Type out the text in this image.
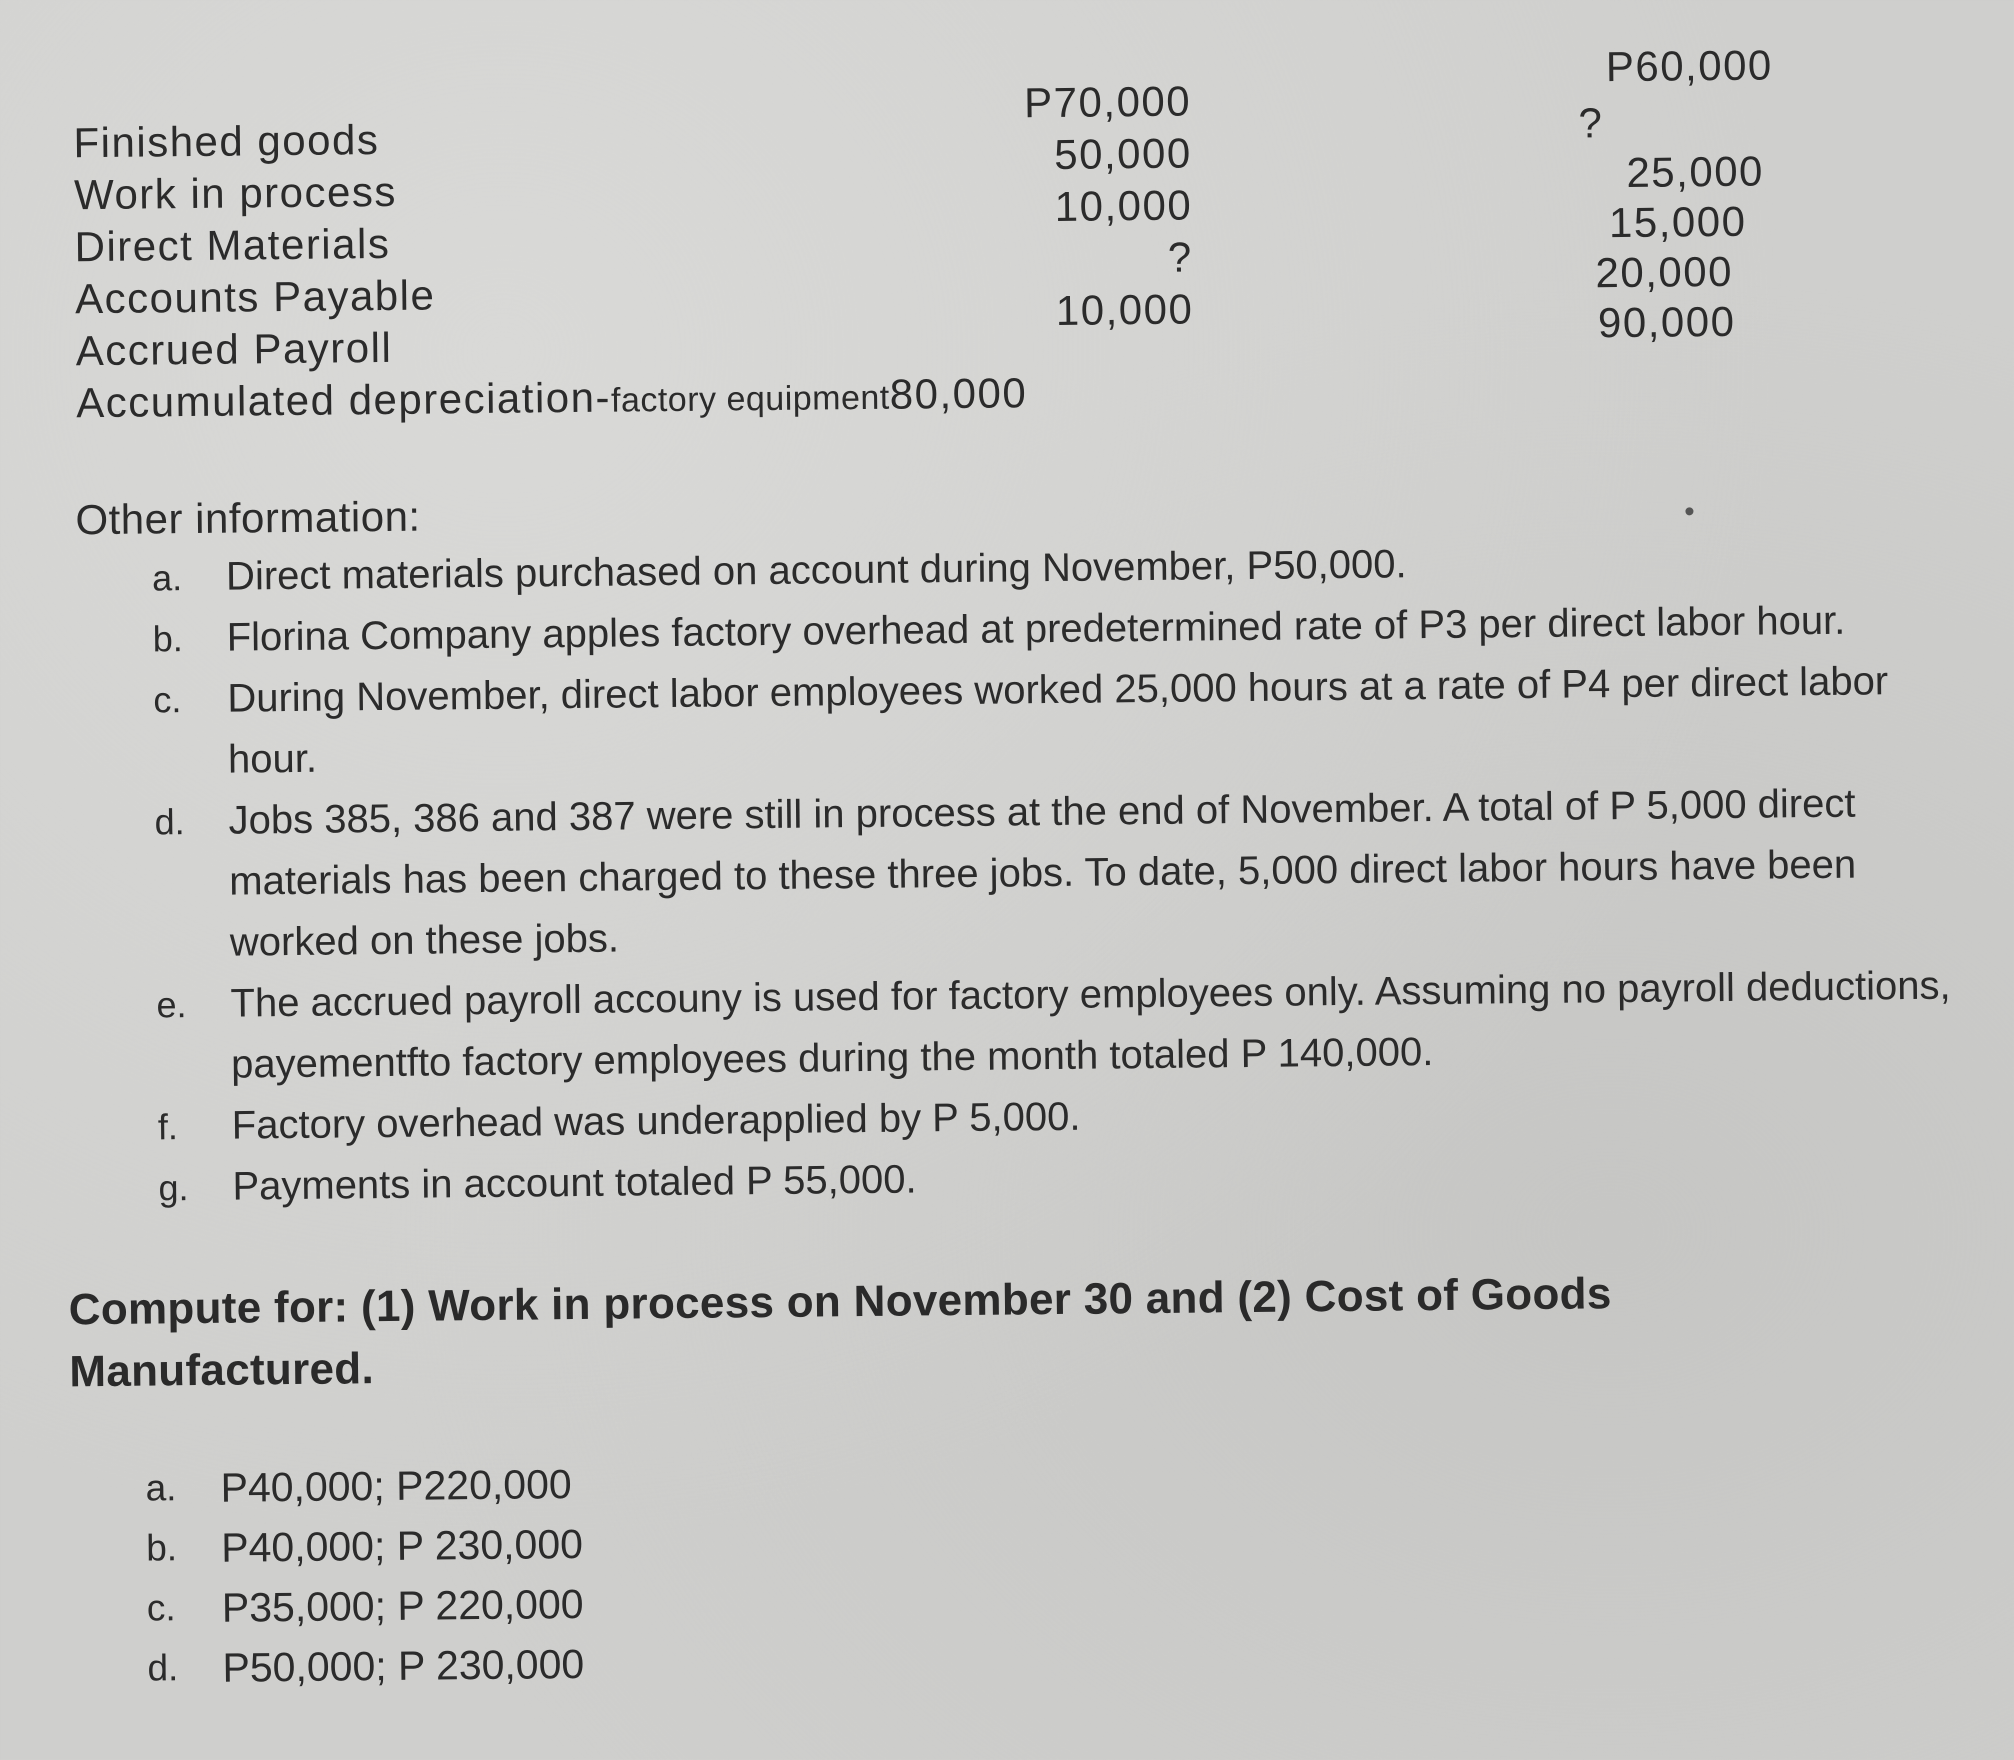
Finished goods
P70,000
P60,000
Work in process
50,000
?
Direct Materials
10,000
25,000
Accounts Payable
?
15,000
Accrued Payroll
10,000
20,000
Accumulated depreciation-factory equipment80,000
90,000
Other information:
a. Direct materials purchased on account during November, P50,000.
b. Florina Company apples factory overhead at predetermined rate of P3 per direct labor hour.
c. During November, direct labor employees worked 25,000 hours at a rate of P4 per direct labor hour.
d. Jobs 385, 386 and 387 were still in process at the end of November. A total of P 5,000 direct materials has been charged to these three jobs. To date, 5,000 direct labor hours have been worked on these jobs.
e. The accrued payroll accouny is used for factory employees only. Assuming no payroll deductions, payementfto factory employees during the month totaled P 140,000.
f. Factory overhead was underapplied by P 5,000.
g. Payments in account totaled P 55,000.
Compute for: (1) Work in process on November 30 and (2) Cost of Goods Manufactured.
a. P40,000; P220,000
b. P40,000; P 230,000
c. P35,000; P 220,000
d. P50,000; P 230,000
